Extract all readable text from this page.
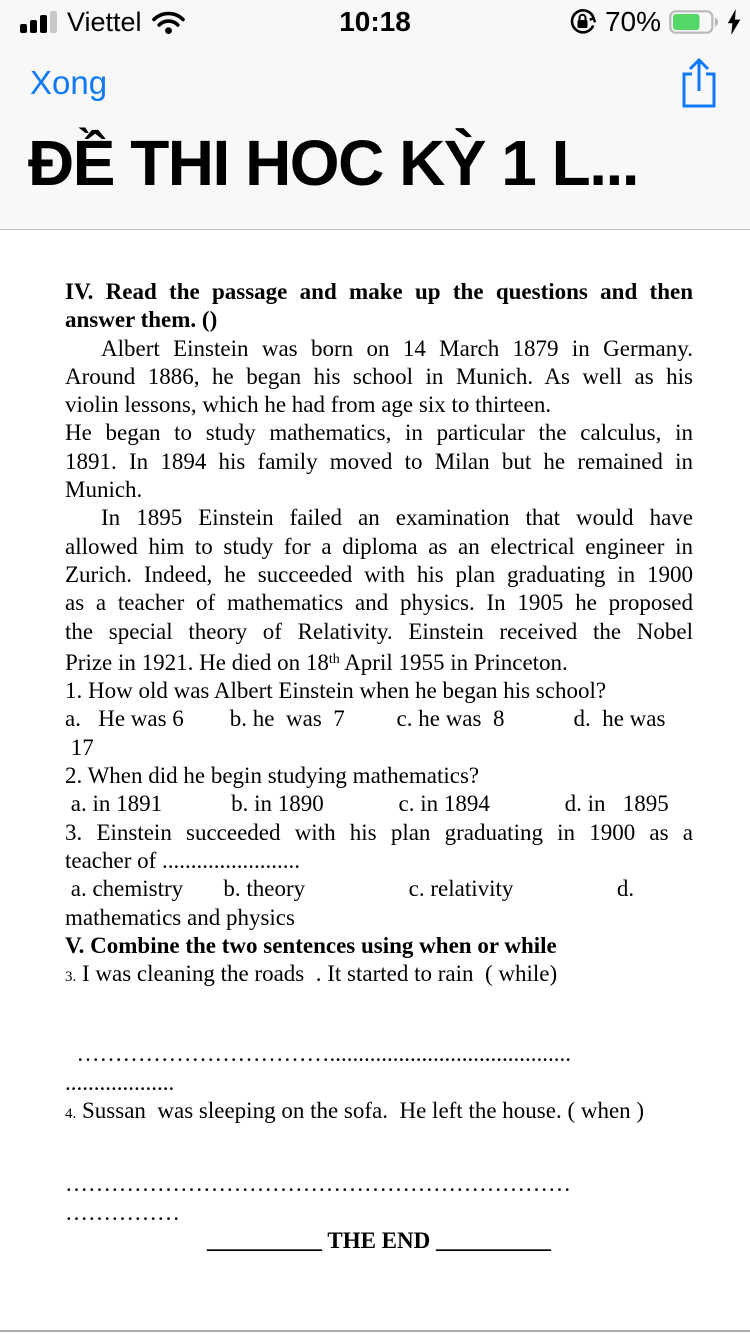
Viettel	10:18	70%
Xong
ĐỀ THI HOC KỲ 1 L...
IV. Read the passage and make up the questions and then
answer them. ()
Albert Einstein was born on 14 March 1879 in Germany.
Around 1886, he began his school in Munich. As well as his
violin lessons, which he had from age six to thirteen.
He began to study mathematics, in particular the calculus, in
1891. In 1894 his family moved to Milan but he remained in
Munich.
In 1895 Einstein failed an examination that would have
allowed him to study for a diploma as an electrical engineer in
Zurich. Indeed, he succeeded with his plan graduating in 1900
as a teacher of mathematics and physics. In 1905 he proposed
the special theory of Relativity. Einstein received the Nobel
Prize in 1921. He died on 18th April 1955 in Princeton.
1. How old was Albert Einstein when he began his school?
a.   He was 6        b. he  was  7         c. he was  8            d.  he was
17
2. When did he begin studying mathematics?
a. in 1891            b. in 1890             c. in 1894             d. in   1895
3. Einstein succeeded with his plan graduating in 1900 as a
teacher of ........................
a. chemistry       b. theory                  c. relativity                  d.
mathematics and physics
V. Combine the two sentences using when or while
3. I was cleaning the roads  . It started to rain  ( while)
……………………………..........................................
...................
4. Sussan  was sleeping on the sofa.  He left the house. ( when )
…………………………………………………………
……………
__________ THE END __________
